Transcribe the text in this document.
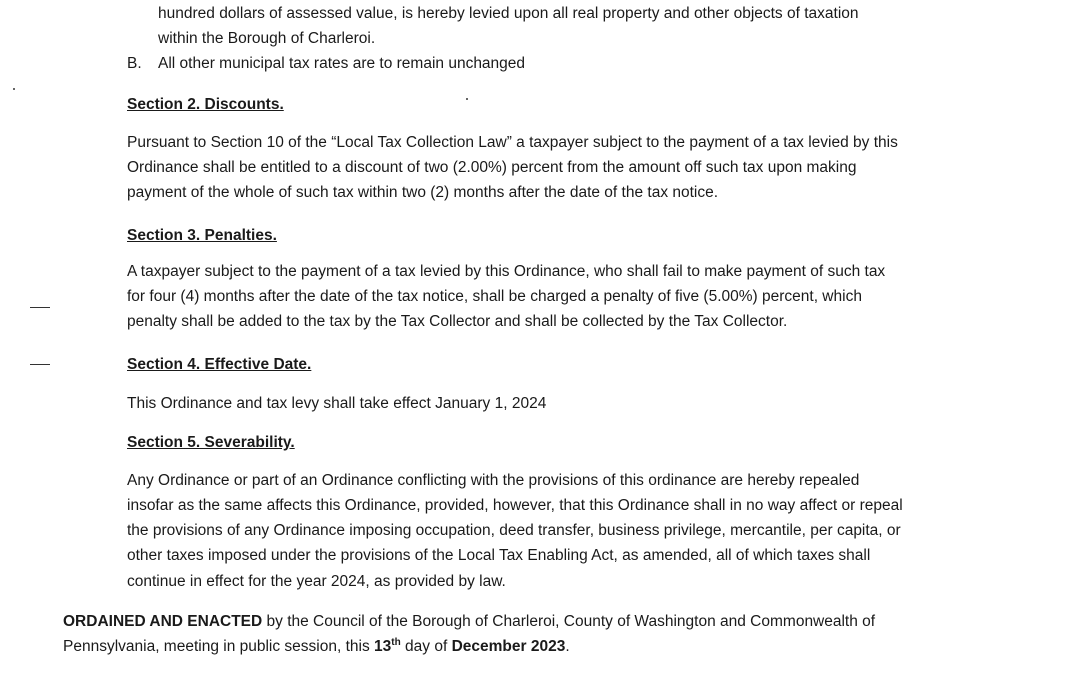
hundred dollars of assessed value, is hereby levied upon all real property and other objects of taxation
within the Borough of Charleroi.
B. All other municipal tax rates are to remain unchanged
Section 2. Discounts.
Pursuant to Section 10 of the “Local Tax Collection Law” a taxpayer subject to the payment of a tax levied by this
Ordinance shall be entitled to a discount of two (2.00%) percent from the amount off such tax upon making
payment of the whole of such tax within two (2) months after the date of the tax notice.
Section 3. Penalties.
A taxpayer subject to the payment of a tax levied by this Ordinance, who shall fail to make payment of such tax
for four (4) months after the date of the tax notice, shall be charged a penalty of five (5.00%) percent, which
penalty shall be added to the tax by the Tax Collector and shall be collected by the Tax Collector.
Section 4. Effective Date.
This Ordinance and tax levy shall take effect January 1, 2024
Section 5. Severability.
Any Ordinance or part of an Ordinance conflicting with the provisions of this ordinance are hereby repealed
insofar as the same affects this Ordinance, provided, however, that this Ordinance shall in no way affect or repeal
the provisions of any Ordinance imposing occupation, deed transfer, business privilege, mercantile, per capita, or
other taxes imposed under the provisions of the Local Tax Enabling Act, as amended, all of which taxes shall
continue in effect for the year 2024, as provided by law.
ORDAINED AND ENACTED by the Council of the Borough of Charleroi, County of Washington and Commonwealth of
Pennsylvania, meeting in public session, this 13th day of December 2023.
